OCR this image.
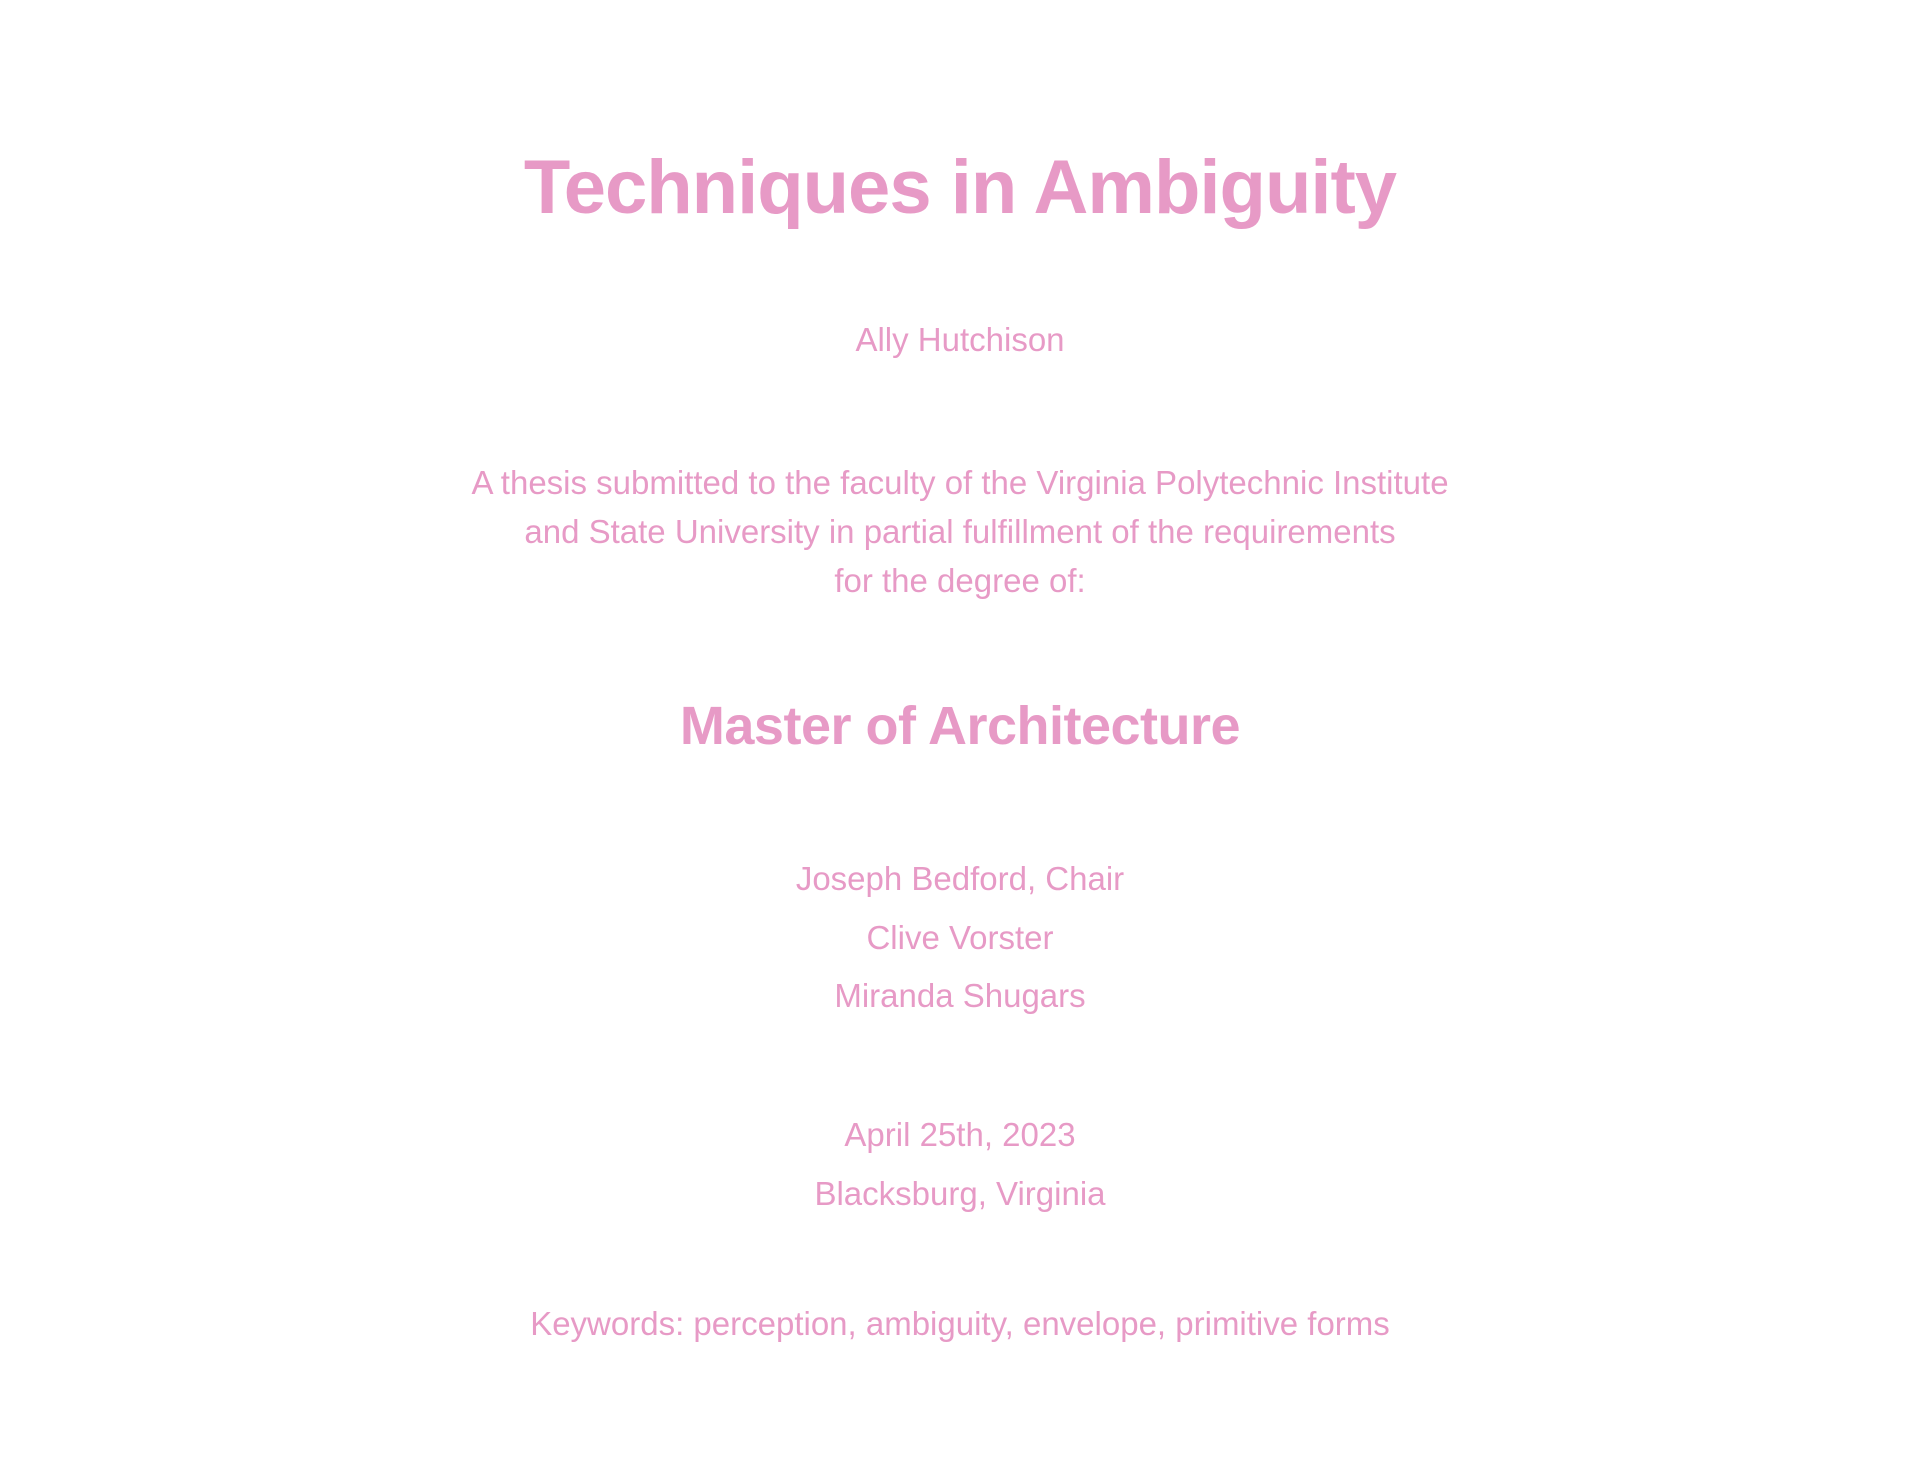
Techniques in Ambiguity
Ally Hutchison
A thesis submitted to the faculty of the Virginia Polytechnic Institute
and State University in partial fulfillment of the requirements
for the degree of:
Master of Architecture
Joseph Bedford, Chair
Clive Vorster
Miranda Shugars
April 25th, 2023
Blacksburg, Virginia
Keywords: perception, ambiguity, envelope, primitive forms
